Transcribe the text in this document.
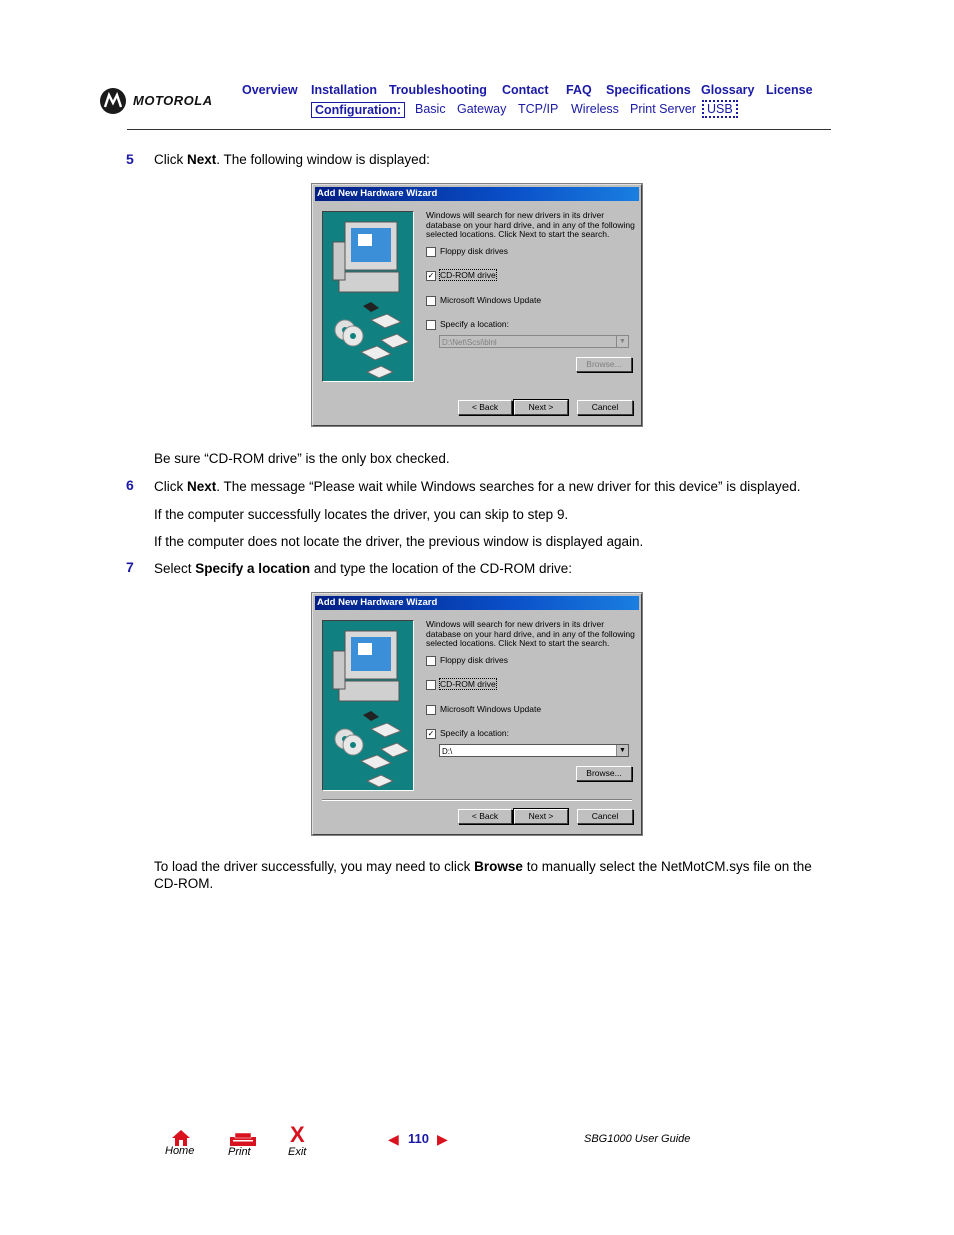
MOTOROLA
Overview Installation Troubleshooting Contact FAQ Specifications Glossary License
Configuration:	Basic Gateway TCP/IP Wireless Print Server USB
5 Click Next. The following window is displayed:
Add New Hardware Wizard
Windows will search for new drivers in its driver database on your hard drive, and in any of the following selected locations. Click Next to start the search.
Floppy disk drives
✓ CD-ROM drive
Microsoft Windows Update
Specify a location:
D:\Net\Scsi\blnl	▼
Browse...
< Back	Next >	Cancel
Be sure “CD-ROM drive” is the only box checked.
6 Click Next. The message “Please wait while Windows searches for a new driver for this device” is displayed.
If the computer successfully locates the driver, you can skip to step 9.
If the computer does not locate the driver, the previous window is displayed again.
7 Select Specify a location and type the location of the CD-ROM drive:
Add New Hardware Wizard
Windows will search for new drivers in its driver database on your hard drive, and in any of the following selected locations. Click Next to start the search.
Floppy disk drives
CD-ROM drive
Microsoft Windows Update
✓ Specify a location:
D:\	▼
Browse...
< Back	Next >	Cancel
To load the driver successfully, you may need to click Browse to manually select the NetMotCM.sys file on the CD-ROM.
Home	Print
X
Exit
◀ 110 ▶	SBG1000 User Guide
